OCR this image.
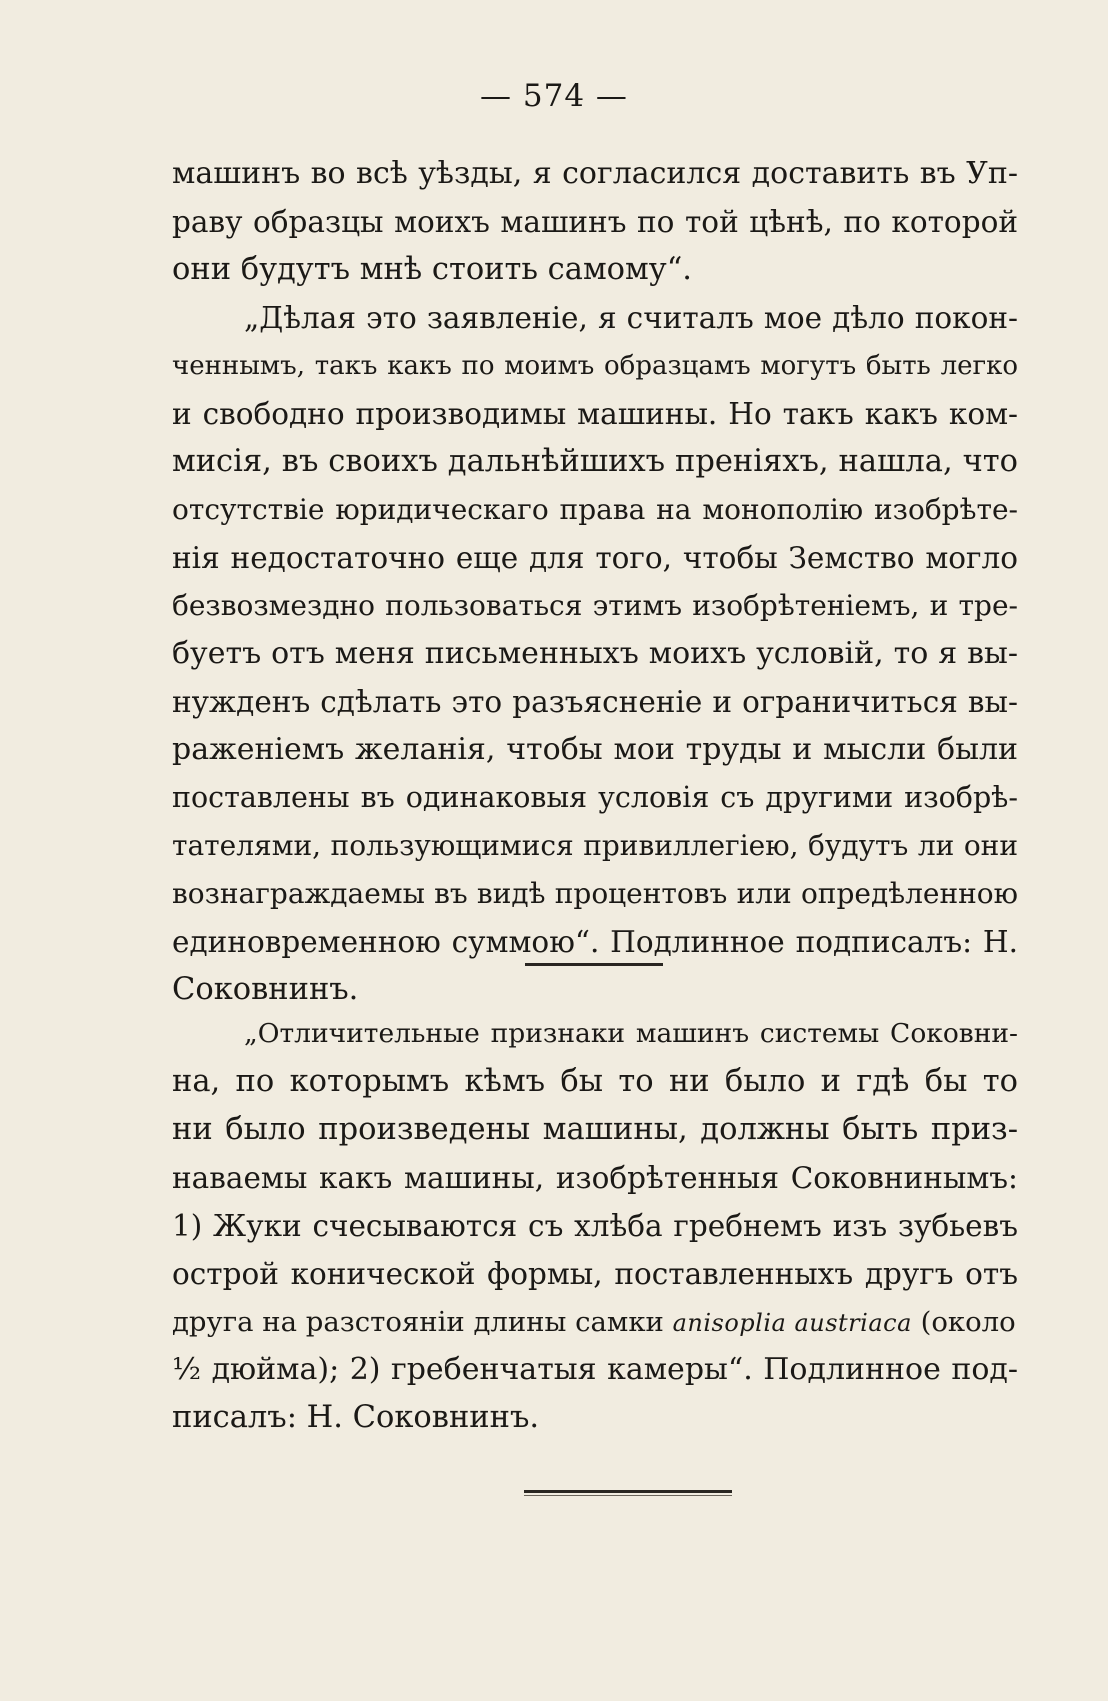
— 574 —
машинъ во всѣ уѣзды, я согласился доставить въ Уп-
раву образцы моихъ машинъ по той цѣнѣ, по которой
они будутъ мнѣ стоить самому“.
„Дѣлая это заявленіе, я считалъ мое дѣло покон-
ченнымъ, такъ какъ по моимъ образцамъ могутъ быть легко
и свободно производимы машины. Но такъ какъ ком-
мисія, въ своихъ дальнѣйшихъ преніяхъ, нашла, что
отсутствіе юридическаго права на монополію изобрѣте-
нія недостаточно еще для того, чтобы Земство могло
безвозмездно пользоваться этимъ изобрѣтеніемъ, и тре-
буетъ отъ меня письменныхъ моихъ условій, то я вы-
нужденъ сдѣлать это разъясненіе и ограничиться вы-
раженіемъ желанія, чтобы мои труды и мысли были
поставлены въ одинаковыя условія съ другими изобрѣ-
тателями, пользующимися привиллегіею, будутъ ли они
вознаграждаемы въ видѣ процентовъ или опредѣленною
единовременною суммою“. Подлинное подписалъ: Н.
Соковнинъ.
„Отличительные признаки машинъ системы Соковни-
на, по которымъ кѣмъ бы то ни было и гдѣ бы то
ни было произведены машины, должны быть приз-
наваемы какъ машины, изобрѣтенныя Соковнинымъ:
1) Жуки счесываются съ хлѣба гребнемъ изъ зубьевъ
острой конической формы, поставленныхъ другъ отъ
друга на разстояніи длины самки anisoplia austriaca (около
½ дюйма); 2) гребенчатыя камеры“. Подлинное под-
писалъ: Н. Соковнинъ.
